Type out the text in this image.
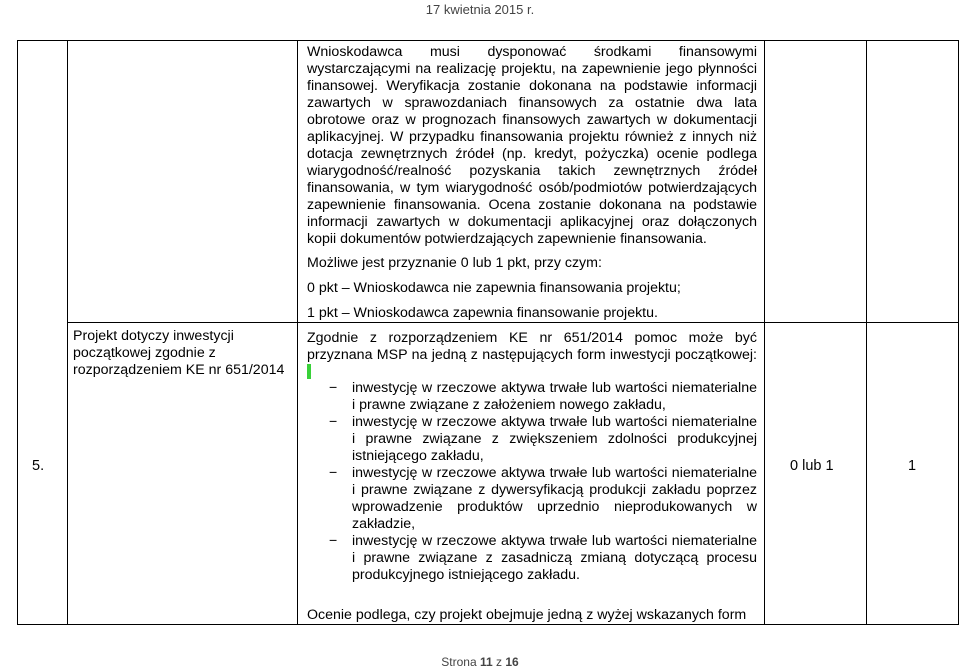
17 kwietnia 2015 r.
Wnioskodawca musi dysponować środkami finansowymi wystarczającymi na realizację projektu, na zapewnienie jego płynności finansowej. Weryfikacja zostanie dokonana na podstawie informacji zawartych w sprawozdaniach finansowych za ostatnie dwa lata obrotowe oraz w prognozach finansowych zawartych w dokumentacji aplikacyjnej. W przypadku finansowania projektu również z innych niż dotacja zewnętrznych źródeł (np. kredyt, pożyczka) ocenie podlega wiarygodność/realność pozyskania takich zewnętrznych źródeł finansowania, w tym wiarygodność osób/podmiotów potwierdzających zapewnienie finansowania. Ocena zostanie dokonana na podstawie informacji zawartych w dokumentacji aplikacyjnej oraz dołączonych kopii dokumentów potwierdzających zapewnienie finansowania.
Możliwe jest przyznanie 0 lub 1 pkt, przy czym:
0 pkt – Wnioskodawca nie zapewnia finansowania projektu;
1 pkt – Wnioskodawca zapewnia finansowanie projektu.
5.
Projekt dotyczy inwestycji początkowej zgodnie z rozporządzeniem KE nr 651/2014
Zgodnie z rozporządzeniem KE nr 651/2014 pomoc może być przyznana MSP na jedną z następujących form inwestycji początkowej:
− inwestycję w rzeczowe aktywa trwałe lub wartości niematerialne i prawne związane z założeniem nowego zakładu,
− inwestycję w rzeczowe aktywa trwałe lub wartości niematerialne i prawne związane z zwiększeniem zdolności produkcyjnej istniejącego zakładu,
− inwestycję w rzeczowe aktywa trwałe lub wartości niematerialne i prawne związane z dywersyfikacją produkcji zakładu poprzez wprowadzenie produktów uprzednio nieprodukowanych w zakładzie,
− inwestycję w rzeczowe aktywa trwałe lub wartości niematerialne i prawne związane z zasadniczą zmianą dotyczącą procesu produkcyjnego istniejącego zakładu.
Ocenie podlega, czy projekt obejmuje jedną z wyżej wskazanych form
0 lub 1	1
Strona 11 z 16
